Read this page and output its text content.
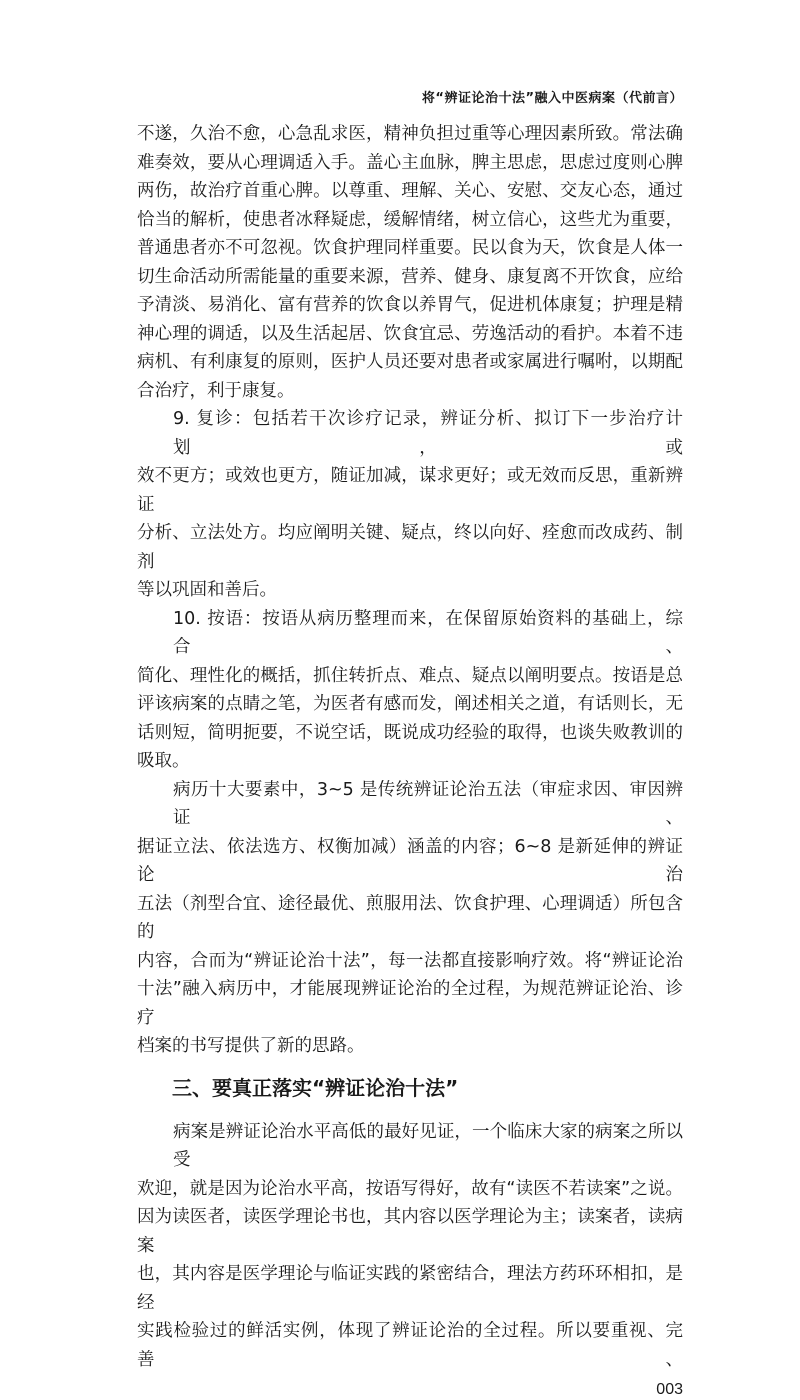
将“辨证论治十法”融入中医病案（代前言）
不遂，久治不愈，心急乱求医，精神负担过重等心理因素所致。常法确
难奏效，要从心理调适入手。盖心主血脉，脾主思虑，思虑过度则心脾
两伤，故治疗首重心脾。以尊重、理解、关心、安慰、交友心态，通过
恰当的解析，使患者冰释疑虑，缓解情绪，树立信心，这些尤为重要，
普通患者亦不可忽视。饮食护理同样重要。民以食为天，饮食是人体一
切生命活动所需能量的重要来源，营养、健身、康复离不开饮食，应给
予清淡、易消化、富有营养的饮食以养胃气，促进机体康复；护理是精
神心理的调适，以及生活起居、饮食宜忌、劳逸活动的看护。本着不违
病机、有利康复的原则，医护人员还要对患者或家属进行嘱咐，以期配
合治疗，利于康复。
9. 复诊：包括若干次诊疗记录，辨证分析、拟订下一步治疗计划，或
效不更方；或效也更方，随证加减，谋求更好；或无效而反思，重新辨证
分析、立法处方。均应阐明关键、疑点，终以向好、痊愈而改成药、制剂
等以巩固和善后。
10. 按语：按语从病历整理而来，在保留原始资料的基础上，综合、
简化、理性化的概括，抓住转折点、难点、疑点以阐明要点。按语是总
评该病案的点睛之笔，为医者有感而发，阐述相关之道，有话则长，无
话则短，简明扼要，不说空话，既说成功经验的取得，也谈失败教训的
吸取。
病历十大要素中，3~5 是传统辨证论治五法（审症求因、审因辨证、
据证立法、依法选方、权衡加减）涵盖的内容；6~8 是新延伸的辨证论治
五法（剂型合宜、途径最优、煎服用法、饮食护理、心理调适）所包含的
内容，合而为“辨证论治十法”，每一法都直接影响疗效。将“辨证论治
十法”融入病历中，才能展现辨证论治的全过程，为规范辨证论治、诊疗
档案的书写提供了新的思路。
三、要真正落实“辨证论治十法”
病案是辨证论治水平高低的最好见证，一个临床大家的病案之所以受
欢迎，就是因为论治水平高，按语写得好，故有“读医不若读案”之说。
因为读医者，读医学理论书也，其内容以医学理论为主；读案者，读病案
也，其内容是医学理论与临证实践的紧密结合，理法方药环环相扣，是经
实践检验过的鲜活实例，体现了辨证论治的全过程。所以要重视、完善、
003
